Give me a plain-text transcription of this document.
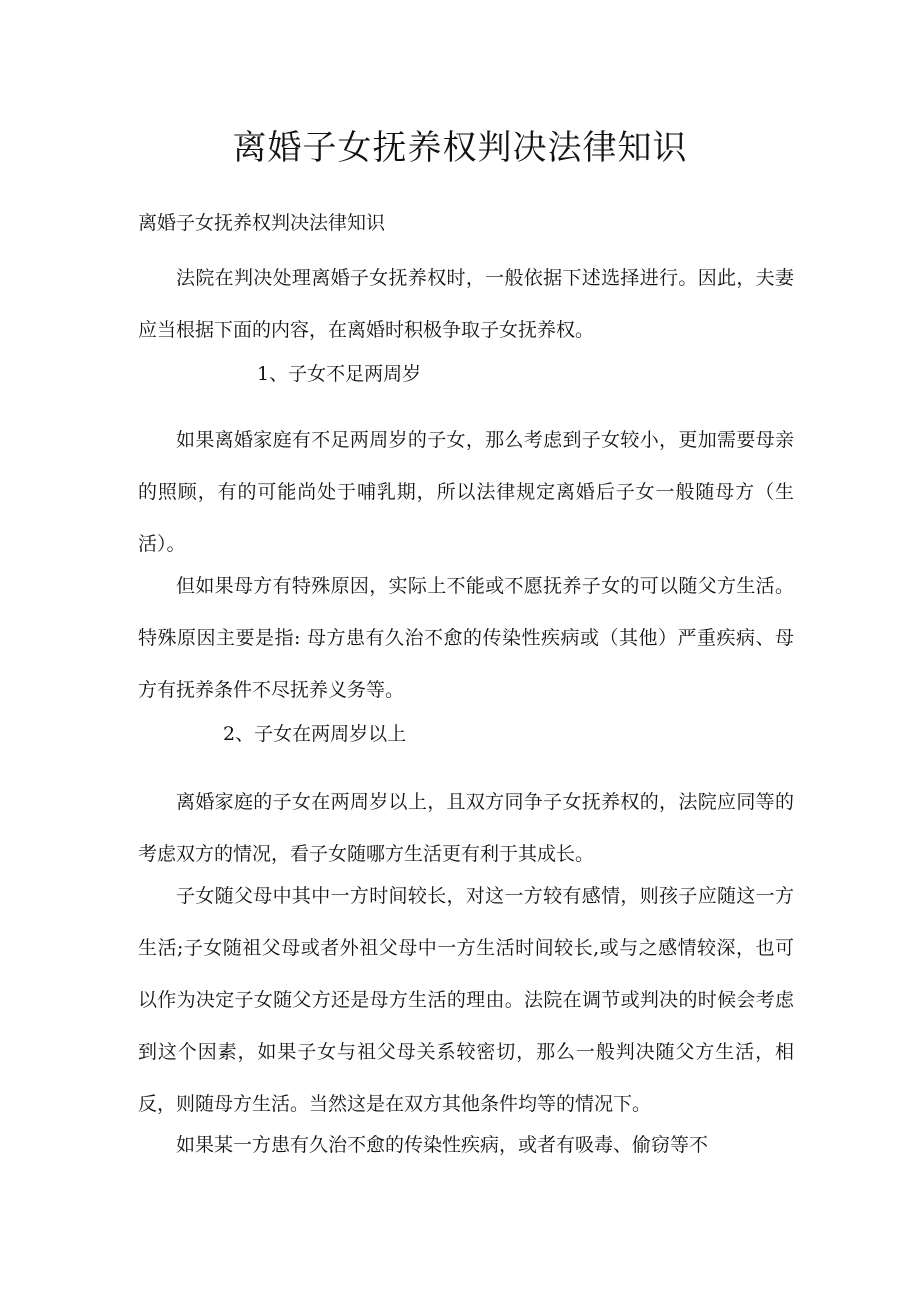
离婚子女抚养权判决法律知识
离婚子女抚养权判决法律知识

法院在判决处理离婚子女抚养权时，一般依据下述选择进行。因此，夫妻应当根据下面的内容，在离婚时积极争取子女抚养权。

1、子女不足两周岁

如果离婚家庭有不足两周岁的子女，那么考虑到子女较小，更加需要母亲的照顾，有的可能尚处于哺乳期，所以法律规定离婚后子女一般随母方（生活）。

但如果母方有特殊原因，实际上不能或不愿抚养子女的可以随父方生活。特殊原因主要是指: 母方患有久治不愈的传染性疾病或（其他）严重疾病、母方有抚养条件不尽抚养义务等。

2、子女在两周岁以上

离婚家庭的子女在两周岁以上，且双方同争子女抚养权的，法院应同等的考虑双方的情况，看子女随哪方生活更有利于其成长。

子女随父母中其中一方时间较长，对这一方较有感情，则孩子应随这一方生活;子女随祖父母或者外祖父母中一方生活时间较长,或与之感情较深，也可以作为决定子女随父方还是母方生活的理由。法院在调节或判决的时候会考虑到这个因素，如果子女与祖父母关系较密切，那么一般判决随父方生活，相反，则随母方生活。当然这是在双方其他条件均等的情况下。

如果某一方患有久治不愈的传染性疾病，或者有吸毒、偷窃等不
